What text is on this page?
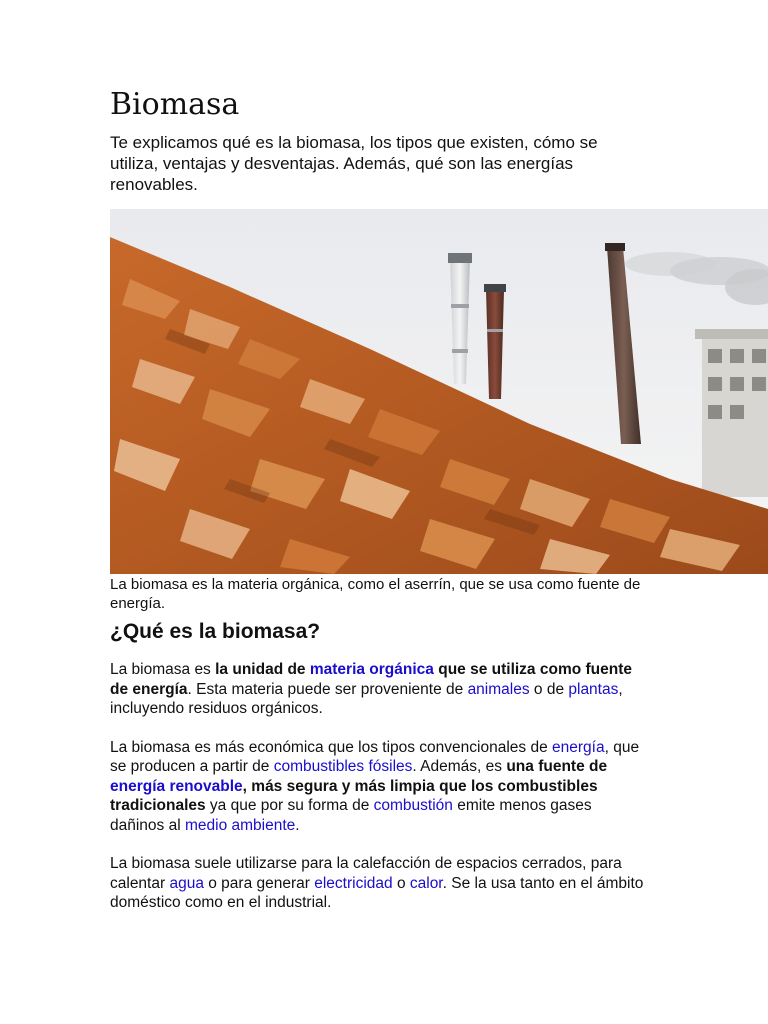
Biomasa

Te explicamos qué es la biomasa, los tipos que existen, cómo se utiliza, ventajas y desventajas. Además, qué son las energías renovables.

La biomasa es la materia orgánica, como el aserrín, que se usa como fuente de energía.

¿Qué es la biomasa?

La biomasa es la unidad de materia orgánica que se utiliza como fuente de energía. Esta materia puede ser proveniente de animales o de plantas, incluyendo residuos orgánicos.

La biomasa es más económica que los tipos convencionales de energía, que se producen a partir de combustibles fósiles. Además, es una fuente de energía renovable, más segura y más limpia que los combustibles tradicionales ya que por su forma de combustión emite menos gases dañinos al medio ambiente.

La biomasa suele utilizarse para la calefacción de espacios cerrados, para calentar agua o para generar electricidad o calor. Se la usa tanto en el ámbito doméstico como en el industrial.
